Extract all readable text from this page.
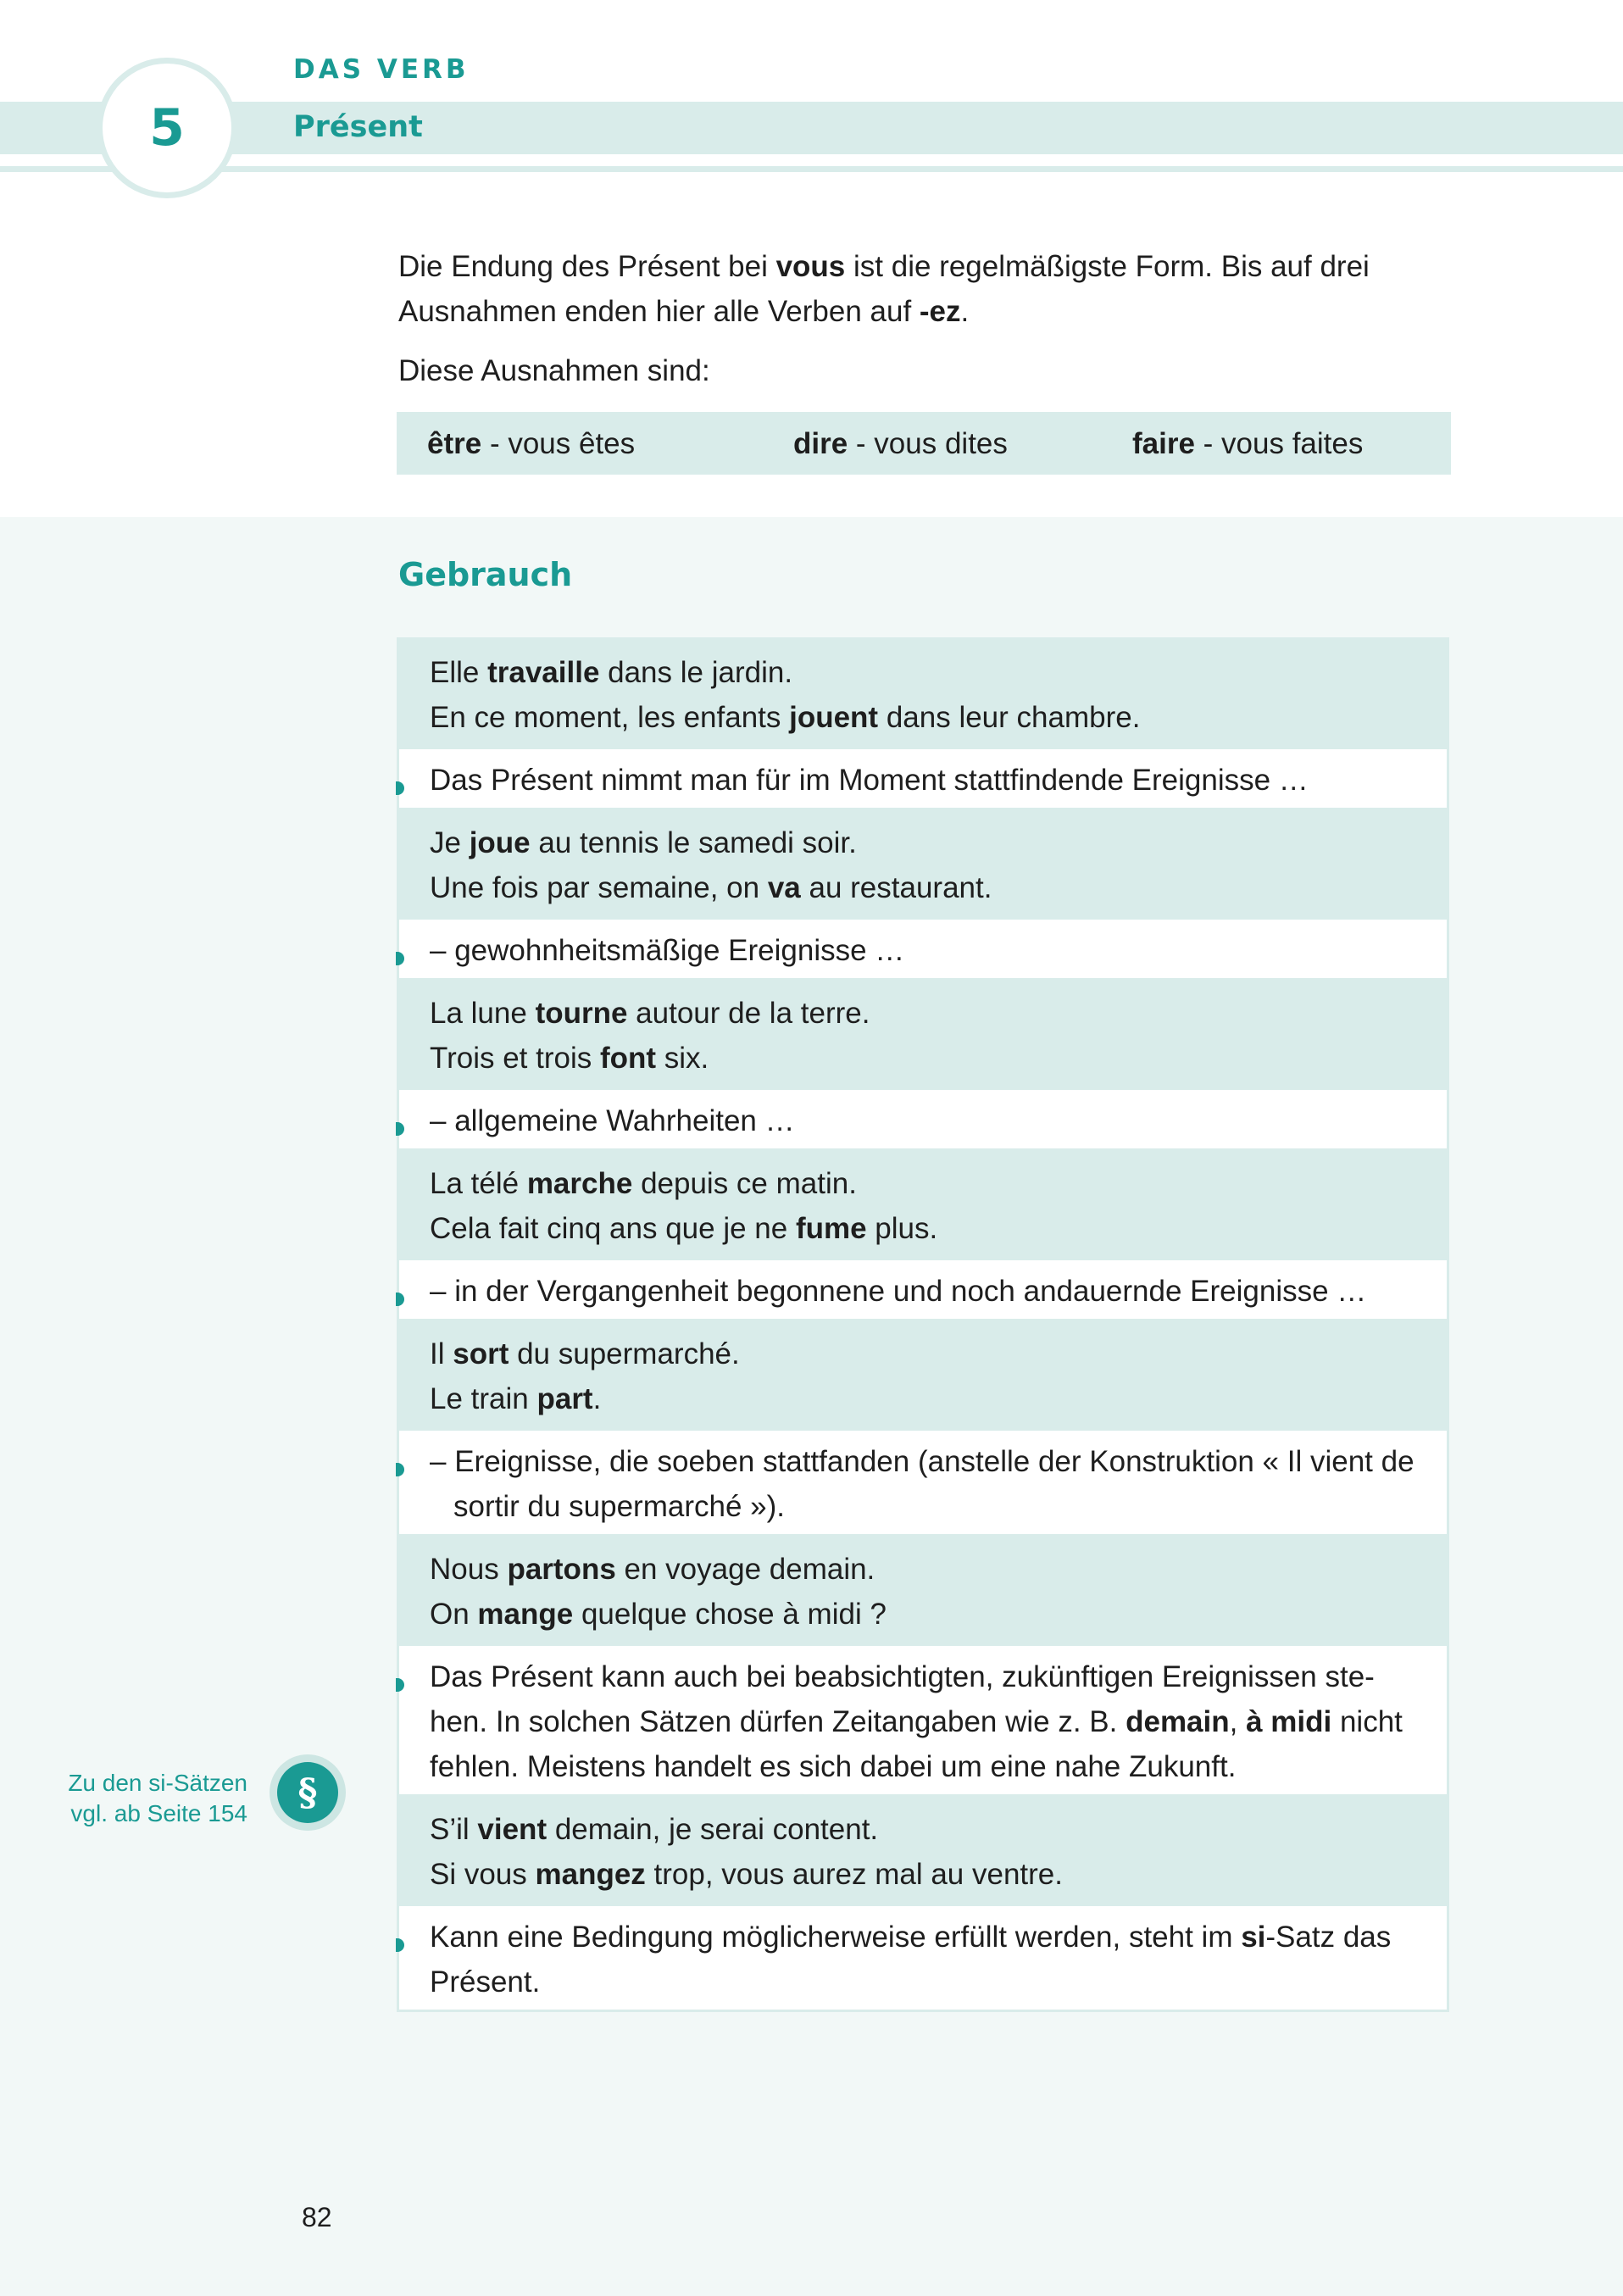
5
DAS VERB
Présent

Die Endung des Présent bei vous ist die regelmäßigste Form. Bis auf drei Ausnahmen enden hier alle Verben auf -ez.

Diese Ausnahmen sind:

être - vous êtes	dire - vous dites	faire - vous faites
Gebrauch
Elle travaille dans le jardin.
En ce moment, les enfants jouent dans leur chambre.
Das Présent nimmt man für im Moment stattfindende Ereignisse …
Je joue au tennis le samedi soir.
Une fois par semaine, on va au restaurant.
– gewohnheitsmäßige Ereignisse …
La lune tourne autour de la terre.
Trois et trois font six.
– allgemeine Wahrheiten …
La télé marche depuis ce matin.
Cela fait cinq ans que je ne fume plus.
– in der Vergangenheit begonnene und noch andauernde Ereignisse …
Il sort du supermarché.
Le train part.
– Ereignisse, die soeben stattfanden (anstelle der Konstruktion « Il vient de sortir du supermarché »).
Nous partons en voyage demain.
On mange quelque chose à midi ?
Das Présent kann auch bei beabsichtigten, zukünftigen Ereignissen ste-hen. In solchen Sätzen dürfen Zeitangaben wie z. B. demain, à midi nicht fehlen. Meistens handelt es sich dabei um eine nahe Zukunft.
S’il vient demain, je serai content.
Si vous mangez trop, vous aurez mal au ventre.
Kann eine Bedingung möglicherweise erfüllt werden, steht im si-Satz das Présent.
Zu den si-Sätzen vgl. ab Seite 154	§
82
